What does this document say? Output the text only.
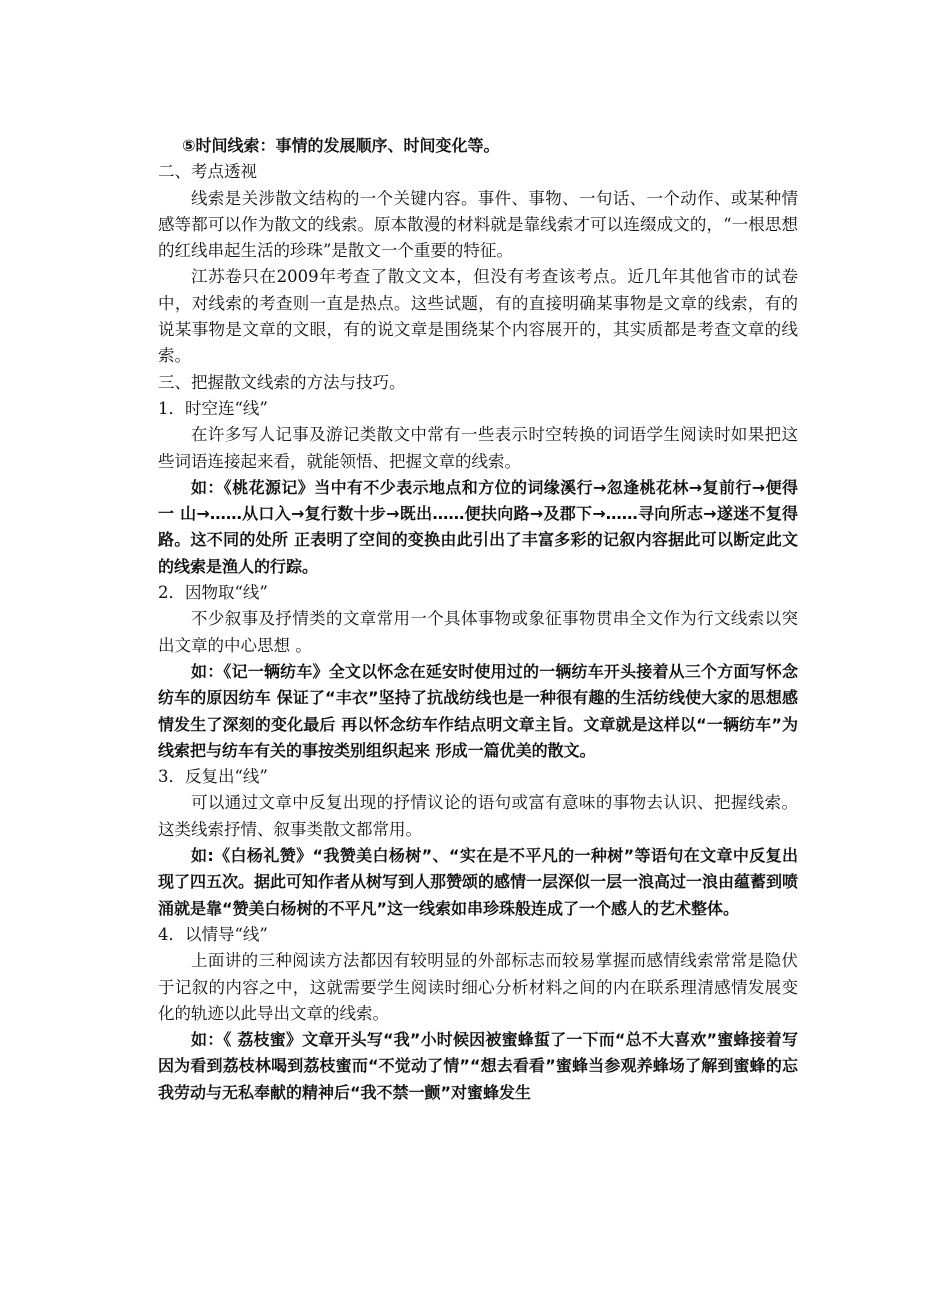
⑤时间线索：事情的发展顺序、时间变化等。

二、考点透视

线索是关涉散文结构的一个关键内容。事件、事物、一句话、一个动作、或某种情感等都可以作为散文的线索。原本散漫的材料就是靠线索才可以连缀成文的，“一根思想的红线串起生活的珍珠”是散文一个重要的特征。

江苏卷只在2009年考查了散文文本，但没有考查该考点。近几年其他省市的试卷中，对线索的考查则一直是热点。这些试题，有的直接明确某事物是文章的线索，有的说某事物是文章的文眼，有的说文章是围绕某个内容展开的，其实质都是考查文章的线索。

三、把握散文线索的方法与技巧。

1．时空连“线”

在许多写人记事及游记类散文中常有一些表示时空转换的词语学生阅读时如果把这些词语连接起来看，就能领悟、把握文章的线索。

如：《桃花源记》当中有不少表示地点和方位的词缘溪行→忽逢桃花林→复前行→便得一 山→……从口入→复行数十步→既出……便扶向路→及郡下→……寻向所志→遂迷不复得路。这不同的处所 正表明了空间的变换由此引出了丰富多彩的记叙内容据此可以断定此文的线索是渔人的行踪。

2．因物取“线”

不少叙事及抒情类的文章常用一个具体事物或象征事物贯串全文作为行文线索以突出文章的中心思想 。

如：《记一辆纺车》全文以怀念在延安时使用过的一辆纺车开头接着从三个方面写怀念纺车的原因纺车 保证了“丰衣”坚持了抗战纺线也是一种很有趣的生活纺线使大家的思想感情发生了深刻的变化最后 再以怀念纺车作结点明文章主旨。文章就是这样以“一辆纺车”为线索把与纺车有关的事按类别组织起来 形成一篇优美的散文。

3．反复出“线”

可以通过文章中反复出现的抒情议论的语句或富有意味的事物去认识、把握线索。这类线索抒情、叙事类散文都常用。

如:《白杨礼赞》“我赞美白杨树”、“实在是不平凡的一种树”等语句在文章中反复出现了四五次。据此可知作者从树写到人那赞颂的感情一层深似一层一浪高过一浪由蕴蓄到喷涌就是靠“赞美白杨树的不平凡”这一线索如串珍珠般连成了一个感人的艺术整体。

4．以情导“线”

上面讲的三种阅读方法都因有较明显的外部标志而较易掌握而感情线索常常是隐伏于记叙的内容之中，这就需要学生阅读时细心分析材料之间的内在联系理清感情发展变化的轨迹以此导出文章的线索。

如：《 荔枝蜜》文章开头写“我”小时候因被蜜蜂蜇了一下而“总不大喜欢”蜜蜂接着写因为看到荔枝林喝到荔枝蜜而“不觉动了情”“想去看看”蜜蜂当参观养蜂场了解到蜜蜂的忘我劳动与无私奉献的精神后“我不禁一颤”对蜜蜂发生
